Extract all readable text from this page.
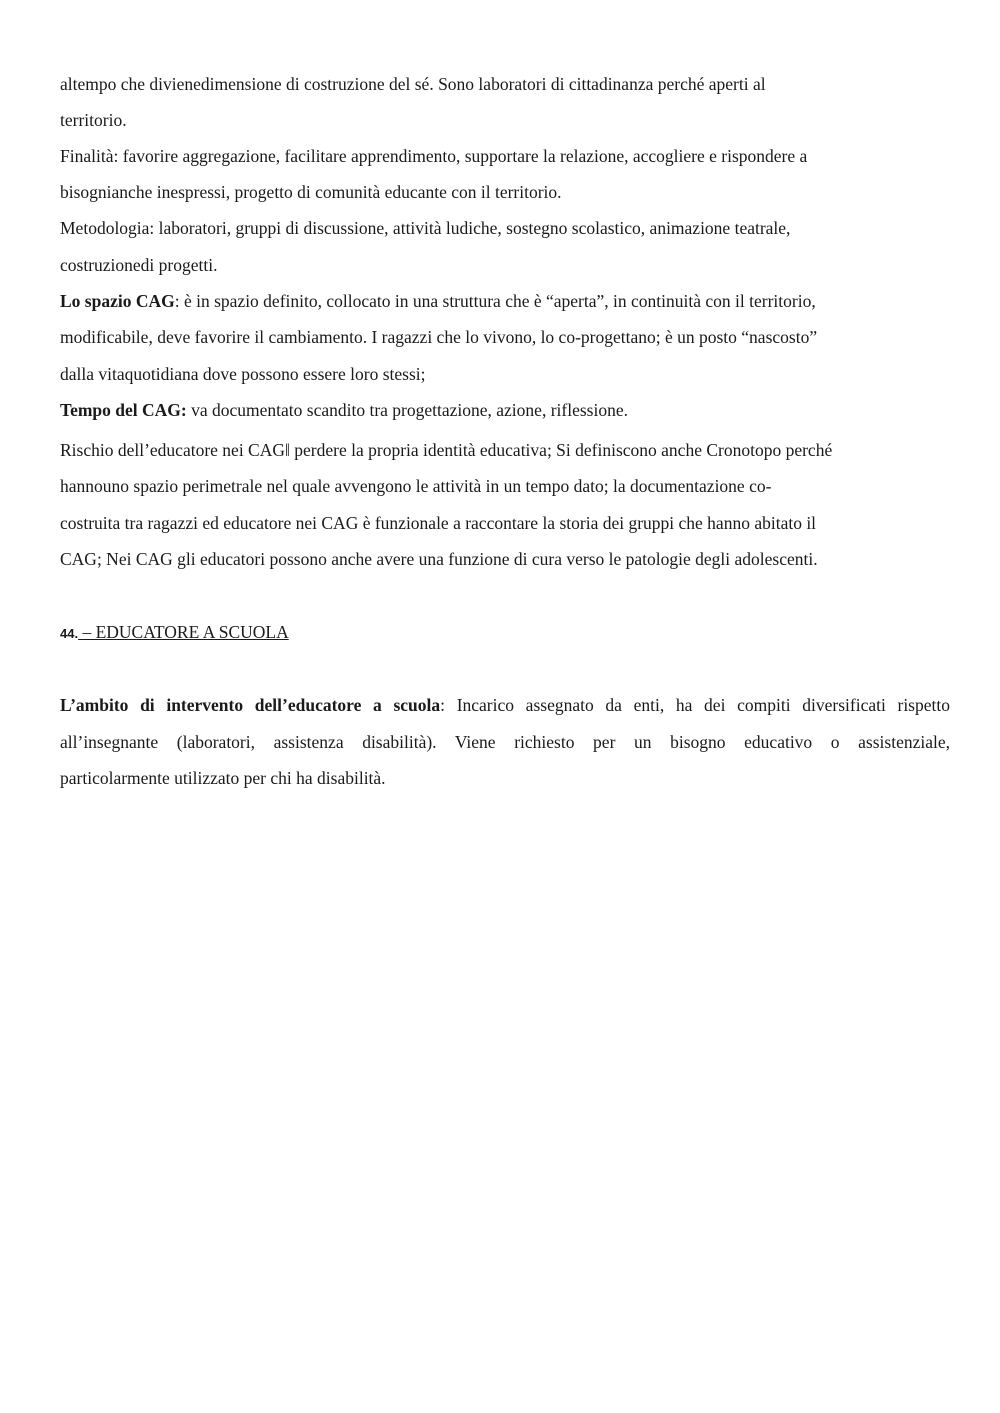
altempo che divienedimensione di costruzione del sé. Sono laboratori di cittadinanza perché aperti al
territorio.
Finalità: favorire aggregazione, facilitare apprendimento, supportare la relazione, accogliere e rispondere a
bisognianche inespressi, progetto di comunità educante con il territorio.
Metodologia: laboratori, gruppi di discussione, attività ludiche, sostegno scolastico, animazione teatrale,
costruzionedi progetti.
Lo spazio CAG: è in spazio definito, collocato in una struttura che è “aperta”, in continuità con il territorio,
modificabile, deve favorire il cambiamento. I ragazzi che lo vivono, lo co-progettano; è un posto “nascosto”
dalla vitaquotidiana dove possono essere loro stessi;
Tempo del CAG: va documentato scandito tra progettazione, azione, riflessione.
Rischio dell’educatore nei CAG‖ perdere la propria identità educativa; Si definiscono anche Cronotopo perché
hannouno spazio perimetrale nel quale avvengono le attività in un tempo dato; la documentazione co-
costruita tra ragazzi ed educatore nei CAG è funzionale a raccontare la storia dei gruppi che hanno abitato il
CAG; Nei CAG gli educatori possono anche avere una funzione di cura verso le patologie degli adolescenti.
44. – EDUCATORE A SCUOLA
L’ambito di intervento dell’educatore a scuola: Incarico assegnato da enti, ha dei compiti diversificati rispetto
all’insegnante (laboratori, assistenza disabilità). Viene richiesto per un bisogno educativo o assistenziale,
particolarmente utilizzato per chi ha disabilità.
